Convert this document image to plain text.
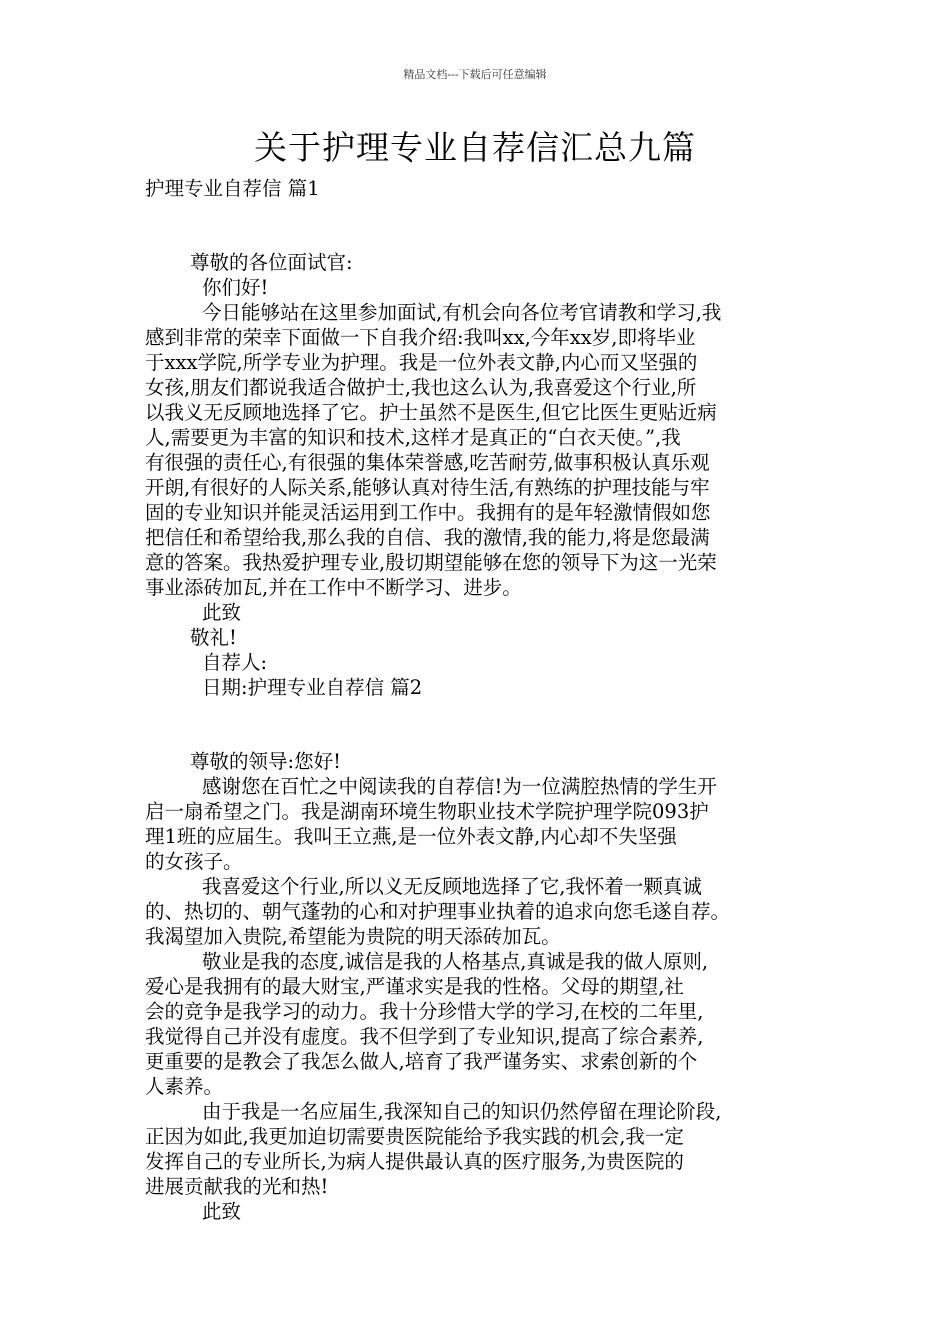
精品文档---下载后可任意编辑
关于护理专业自荐信汇总九篇
护理专业自荐信 篇1
尊敬的各位面试官:
你们好!
今日能够站在这里参加面试,有机会向各位考官请教和学习,我
感到非常的荣幸下面做一下自我介绍:我叫xx,今年xx岁,即将毕业
于xxx学院,所学专业为护理。我是一位外表文静,内心而又坚强的
女孩,朋友们都说我适合做护士,我也这么认为,我喜爱这个行业,所
以我义无反顾地选择了它。护士虽然不是医生,但它比医生更贴近病
人,需要更为丰富的知识和技术,这样才是真正的“白衣天使。”,我
有很强的责任心,有很强的集体荣誉感,吃苦耐劳,做事积极认真乐观
开朗,有很好的人际关系,能够认真对待生活,有熟练的护理技能与牢
固的专业知识并能灵活运用到工作中。我拥有的是年轻激情假如您
把信任和希望给我,那么我的自信、我的激情,我的能力,将是您最满
意的答案。我热爱护理专业,殷切期望能够在您的领导下为这一光荣
事业添砖加瓦,并在工作中不断学习、进步。
此致
敬礼!
自荐人:
日期:护理专业自荐信 篇2
尊敬的领导:您好!
感谢您在百忙之中阅读我的自荐信!为一位满腔热情的学生开
启一扇希望之门。我是湖南环境生物职业技术学院护理学院093护
理1班的应届生。我叫王立燕,是一位外表文静,内心却不失坚强
的女孩子。
我喜爱这个行业,所以义无反顾地选择了它,我怀着一颗真诚
的、热切的、朝气蓬勃的心和对护理事业执着的追求向您毛遂自荐。
我渴望加入贵院,希望能为贵院的明天添砖加瓦。
敬业是我的态度,诚信是我的人格基点,真诚是我的做人原则,
爱心是我拥有的最大财宝,严谨求实是我的性格。父母的期望,社
会的竞争是我学习的动力。我十分珍惜大学的学习,在校的二年里,
我觉得自己并没有虚度。我不但学到了专业知识,提高了综合素养,
更重要的是教会了我怎么做人,培育了我严谨务实、求索创新的个
人素养。
由于我是一名应届生,我深知自己的知识仍然停留在理论阶段,
正因为如此,我更加迫切需要贵医院能给予我实践的机会,我一定
发挥自己的专业所长,为病人提供最认真的医疗服务,为贵医院的
进展贡献我的光和热!
此致
